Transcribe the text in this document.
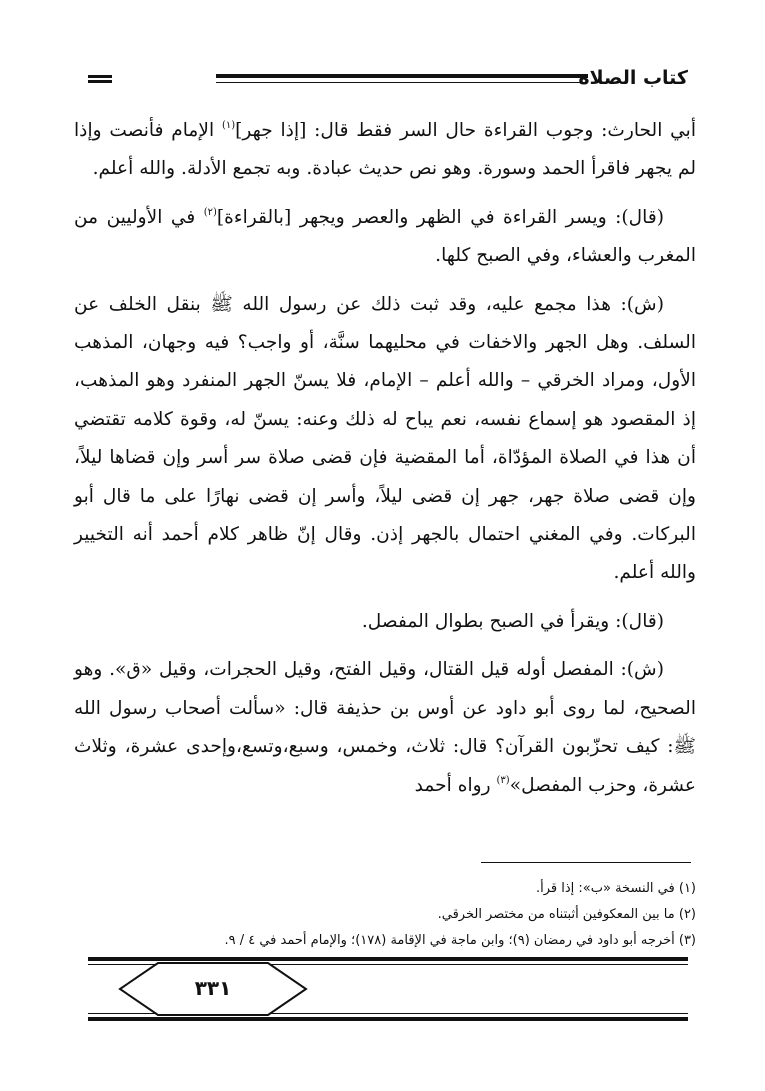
كتاب الصلاة

أبي الحارث: وجوب القراءة حال السر فقط قال: [إذا جهر]$^{(١)}$ الإمام فأنصت وإذا لم يجهر فاقرأ الحمد وسورة. وهو نص حديث عبادة. وبه تجمع الأدلة. والله أعلم.

(قال): ويسر القراءة في الظهر والعصر ويجهر [بالقراءة]$^{(٢)}$ في الأوليين من المغرب والعشاء، وفي الصبح كلها.

(ش): هذا مجمع عليه، وقد ثبت ذلك عن رسول الله ﷺ بنقل الخلف عن السلف. وهل الجهر والاخفات في محليهما سنَّة، أو واجب؟ فيه وجهان، المذهب الأول، ومراد الخرقي – والله أعلم – الإمام، فلا يسنّ الجهر المنفرد وهو المذهب، إذ المقصود هو إسماع نفسه، نعم يباح له ذلك وعنه: يسنّ له، وقوة كلامه تقتضي أن هذا في الصلاة المؤدّاة، أما المقضية فإن قضى صلاة سر أسر وإن قضاها ليلاً، وإن قضى صلاة جهر، جهر إن قضى ليلاً، وأسر إن قضى نهارًا على ما قال أبو البركات. وفي المغني احتمال بالجهر إذن. وقال إنّ ظاهر كلام أحمد أنه التخيير والله أعلم.

(قال): ويقرأ في الصبح بطوال المفصل.

(ش): المفصل أوله قيل القتال، وقيل الفتح، وقيل الحجرات، وقيل «ق». وهو الصحيح، لما روى أبو داود عن أوس بن حذيفة قال: «سألت أصحاب رسول الله ﷺ: كيف تحزّبون القرآن؟ قال: ثلاث، وخمس، وسبع،وتسع،وإحدى عشرة، وثلاث عشرة، وحزب المفصل»$^{(٣)}$ رواه أحمد

(١) في النسخة «ب»: إذا قرأ.

(٢) ما بين المعكوفين أثبتناه من مختصر الخرقي.

(٣) أخرجه أبو داود في رمضان (٩)؛ وابن ماجة في الإقامة (١٧٨)؛ والإمام أحمد في ٤ / ٩.

٣٣١
